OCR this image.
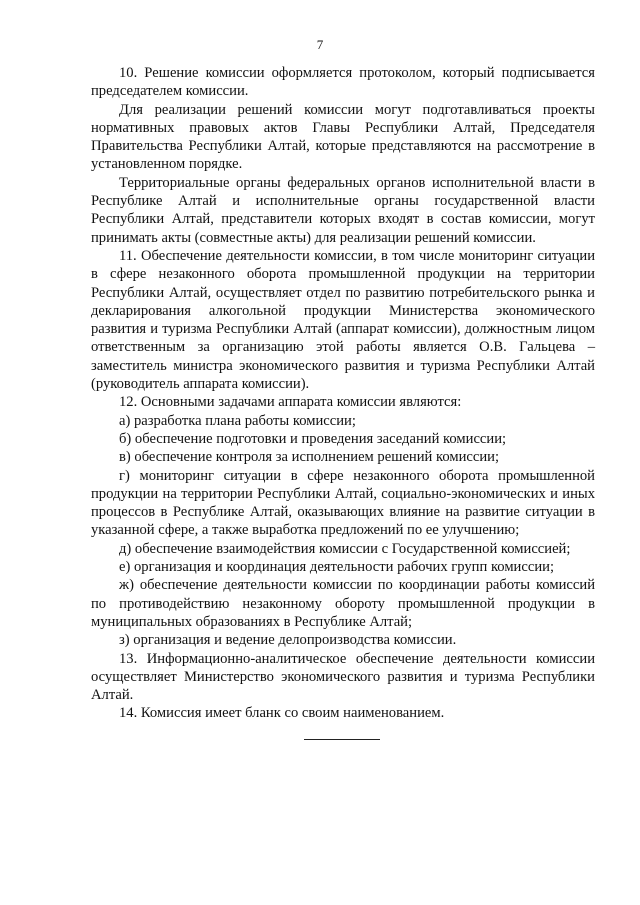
7

10. Решение комиссии оформляется протоколом, который подписывается председателем комиссии.

Для реализации решений комиссии могут подготавливаться проекты нормативных правовых актов Главы Республики Алтай, Председателя Правительства Республики Алтай, которые представляются на рассмотрение в установленном порядке.

Территориальные органы федеральных органов исполнительной власти в Республике Алтай и исполнительные органы государственной власти Республики Алтай, представители которых входят в состав комиссии, могут принимать акты (совместные акты) для реализации решений комиссии.

11. Обеспечение деятельности комиссии, в том числе мониторинг ситуации в сфере незаконного оборота промышленной продукции на территории Республики Алтай, осуществляет отдел по развитию потребительского рынка и декларирования алкогольной продукции Министерства экономического развития и туризма Республики Алтай (аппарат комиссии), должностным лицом ответственным за организацию этой работы является О.В. Гальцева – заместитель министра экономического развития и туризма Республики Алтай (руководитель аппарата комиссии).

12. Основными задачами аппарата комиссии являются:

а) разработка плана работы комиссии;

б) обеспечение подготовки и проведения заседаний комиссии;

в) обеспечение контроля за исполнением решений комиссии;

г) мониторинг ситуации в сфере незаконного оборота промышленной продукции на территории Республики Алтай, социально-экономических и иных процессов в Республике Алтай, оказывающих влияние на развитие ситуации в указанной сфере, а также выработка предложений по ее улучшению;

д) обеспечение взаимодействия комиссии с Государственной комиссией;

е) организация и координация деятельности рабочих групп комиссии;

ж) обеспечение деятельности комиссии по координации работы комиссий по противодействию незаконному обороту промышленной продукции в муниципальных образованиях в Республике Алтай;

з) организация и ведение делопроизводства комиссии.

13. Информационно-аналитическое обеспечение деятельности комиссии осуществляет Министерство экономического развития и туризма Республики Алтай.

14. Комиссия имеет бланк со своим наименованием.
